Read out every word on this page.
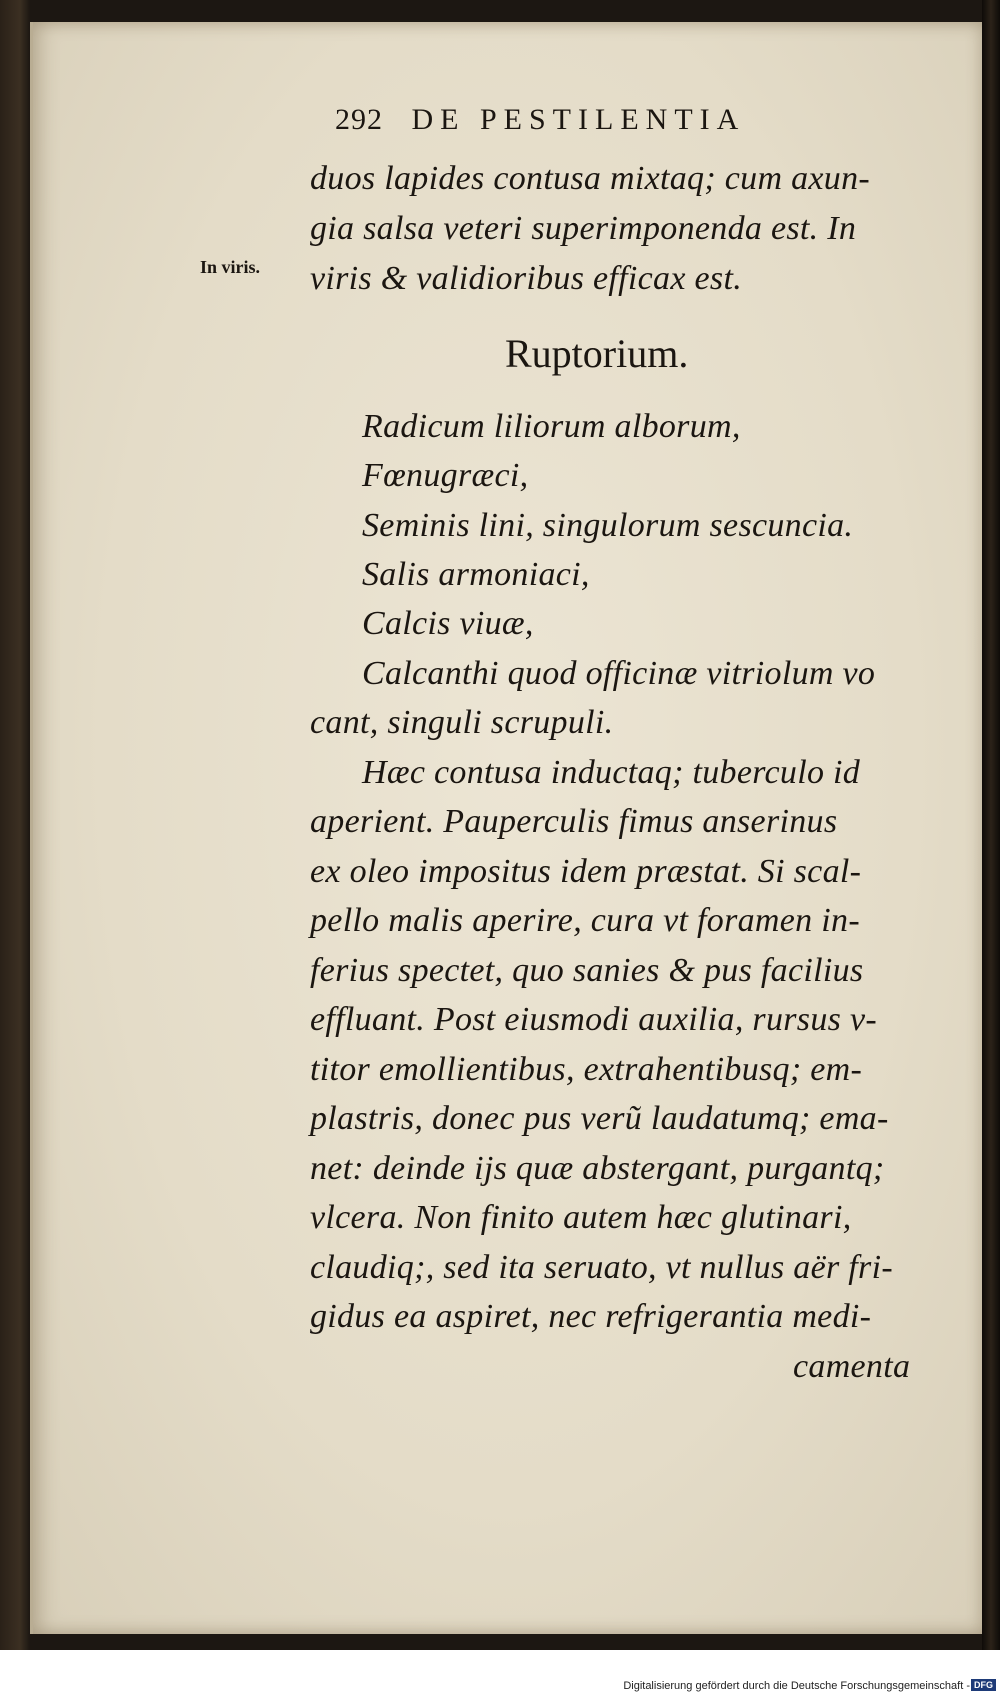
292 DE PESTILENTIA
In viris.
duos lapides contusa mixtaq; cum axun-
gia salsa veteri superimponenda est. In
viris & validioribus efficax est.
Ruptorium.
Radicum liliorum alborum,
Fœnugræci,
Seminis lini, singulorum sescuncia.
Salis armoniaci,
Calcis viuæ,
Calcanthi quod officinæ vitriolum vo
cant, singuli scrupuli.
Hæc contusa inductaq; tuberculo id
aperient. Pauperculis fimus anserinus
ex oleo impositus idem præstat. Si scal-
pello malis aperire, cura vt foramen in-
ferius spectet, quo sanies & pus facilius
effluant. Post eiusmodi auxilia, rursus v-
titor emollientibus, extrahentibusq; em-
plastris, donec pus verũ laudatumq; ema-
net: deinde ijs quæ abstergant, purgantq;
vlcera. Non finito autem hæc glutinari,
claudiq;, sed ita seruato, vt nullus aër fri-
gidus ea aspiret, nec refrigerantia medi-
camenta
Digitalisierung gefördert durch die Deutsche Forschungsgemeinschaft - DFG
